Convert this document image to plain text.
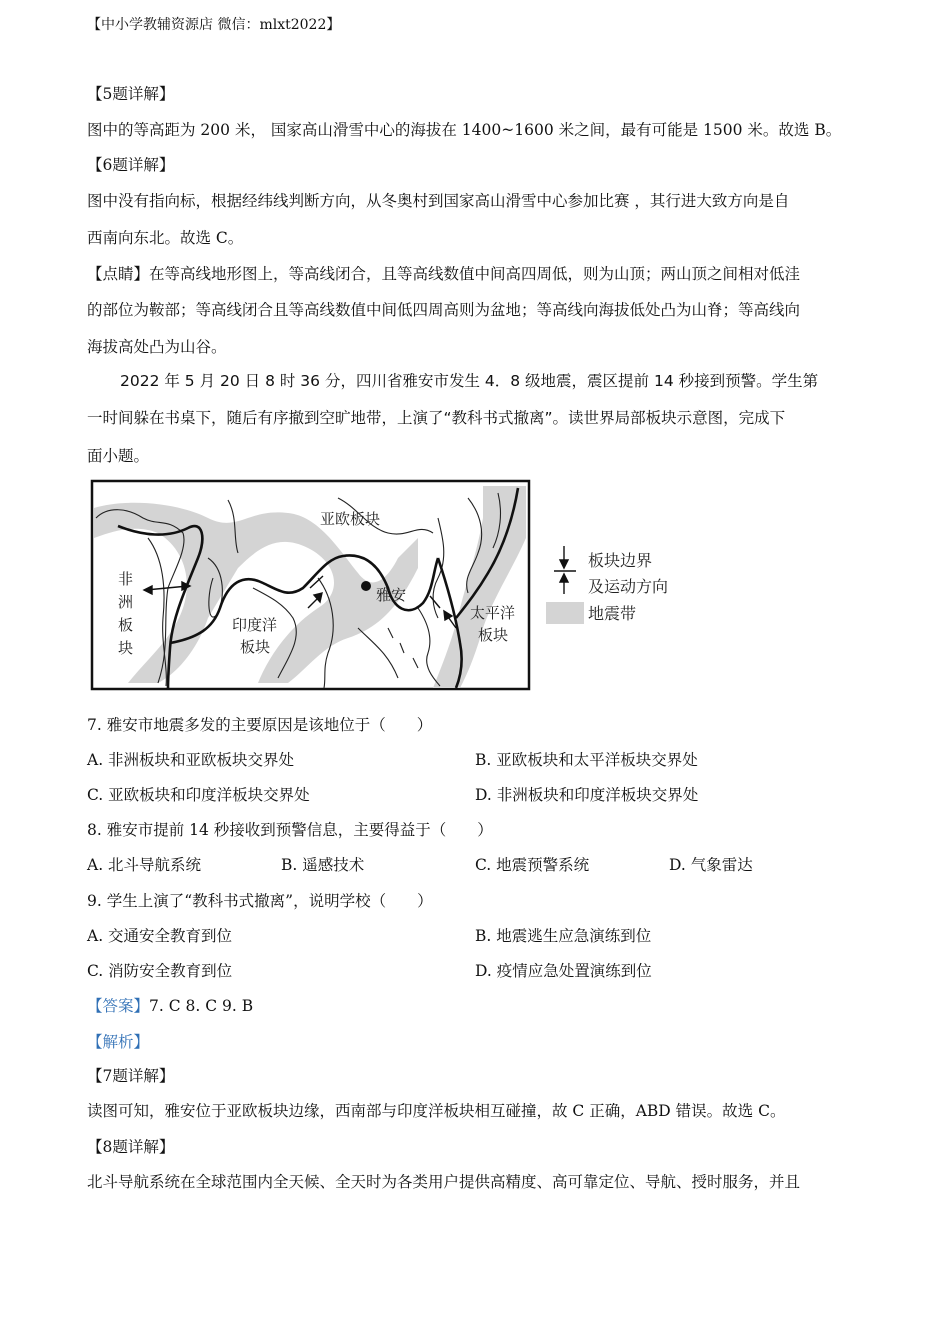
【中小学教辅资源店 微信：mlxt2022】
【5题详解】
图中的等高距为 200 米， 国家高山滑雪中心的海拔在 1400~1600 米之间，最有可能是 1500 米。故选 B。
【6题详解】
图中没有指向标，根据经纬线判断方向，从冬奥村到国家高山滑雪中心参加比赛 ，其行进大致方向是自
西南向东北。故选 C。
【点睛】在等高线地形图上，等高线闭合，且等高线数值中间高四周低，则为山顶；两山顶之间相对低洼
的部位为鞍部；等高线闭合且等高线数值中间低四周高则为盆地；等高线向海拔低处凸为山脊；等高线向
海拔高处凸为山谷。
2022 年 5 月 20 日 8 时 36 分，四川省雅安市发生 4．8 级地震，震区提前 14 秒接到预警。学生第
一时间躲在书桌下，随后有序撤到空旷地带，上演了“教科书式撤离”。读世界局部板块示意图，完成下
面小题。
亚欧板块
非
洲
板
块
印度洋
板块
雅安
太平洋
板块
板块边界
及运动方向
地震带
7. 雅安市地震多发的主要原因是该地位于（　　）
A. 非洲板块和亚欧板块交界处	B. 亚欧板块和太平洋板块交界处
C. 亚欧板块和印度洋板块交界处	D. 非洲板块和印度洋板块交界处
8. 雅安市提前 14 秒接收到预警信息，主要得益于（　　）
A. 北斗导航系统	B. 遥感技术	C. 地震预警系统	D. 气象雷达
9. 学生上演了“教科书式撤离”，说明学校（　　）
A. 交通安全教育到位	B. 地震逃生应急演练到位
C. 消防安全教育到位	D. 疫情应急处置演练到位
【答案】7. C 8. C 9. B
【解析】
【7题详解】
读图可知，雅安位于亚欧板块边缘，西南部与印度洋板块相互碰撞，故 C 正确，ABD 错误。故选 C。
【8题详解】
北斗导航系统在全球范围内全天候、全天时为各类用户提供高精度、高可靠定位、导航、授时服务，并且
